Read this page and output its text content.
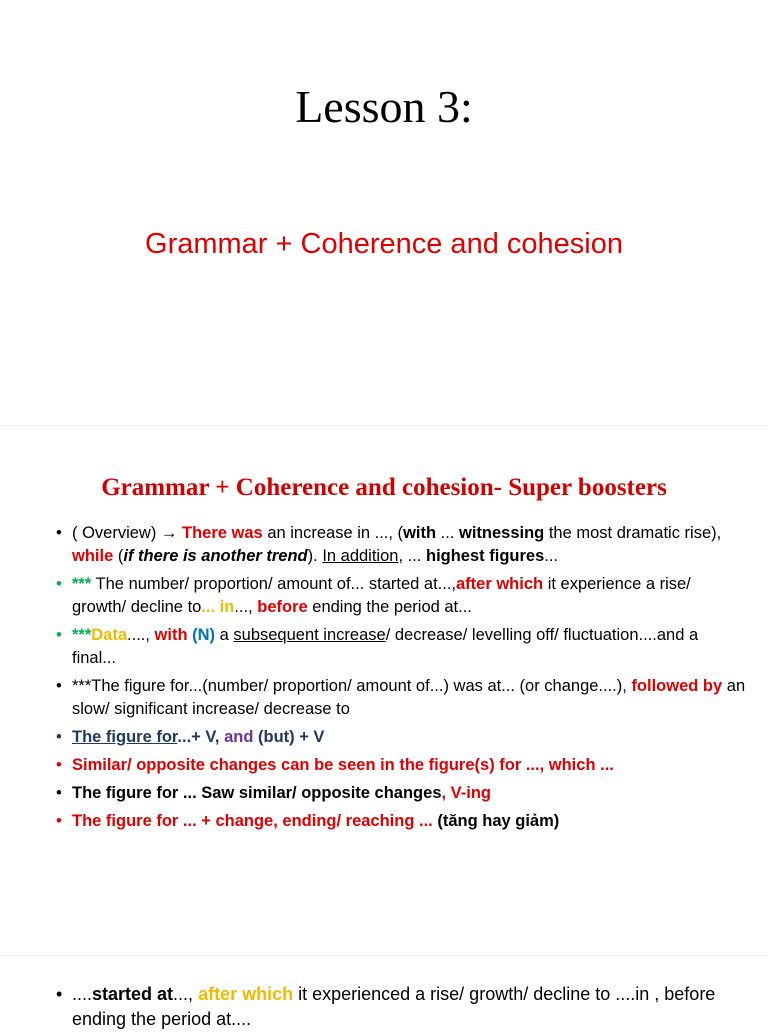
Lesson 3:
Grammar + Coherence and cohesion
Grammar + Coherence and cohesion- Super boosters
• ( Overview) → There was an increase in ..., (with ... witnessing the most dramatic rise), while (if there is another trend). In addition, ... highest figures...
• *** The number/ proportion/ amount of... started at...,after which it experience a rise/ growth/ decline to... in..., before ending the period at...
• ***Data...., with (N) a subsequent increase/ decrease/ levelling off/ fluctuation....and a final...
• ***The figure for...(number/ proportion/ amount of...) was at... (or change....), followed by an slow/ significant increase/ decrease to
• The figure for...+ V, and (but) + V
• Similar/ opposite changes can be seen in the figure(s) for ..., which ...
• The figure for ... Saw similar/ opposite changes, V-ing
• The figure for ... + change, ending/ reaching ... (tăng hay giảm)
• ....started at..., after which it experienced a rise/ growth/ decline to ....in , before ending the period at....
